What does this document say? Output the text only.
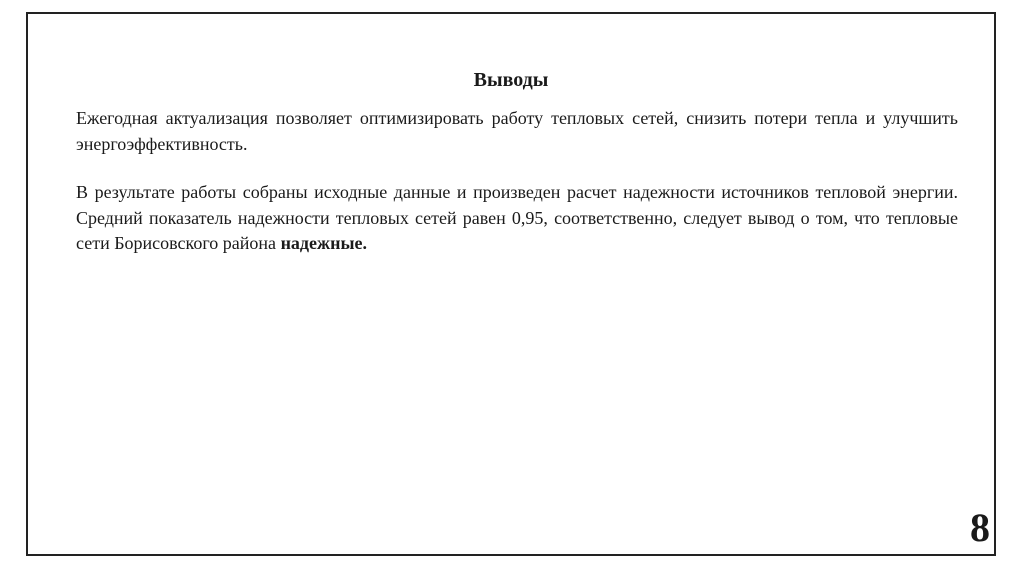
Выводы

Ежегодная актуализация позволяет оптимизировать работу тепловых сетей, снизить потери тепла и улучшить энергоэффективность.

В результате работы собраны исходные данные и произведен расчет надежности источников тепловой энергии. Средний показатель надежности тепловых сетей равен 0,95, соответственно, следует вывод о том, что тепловые сети Борисовского района надежные.

8
